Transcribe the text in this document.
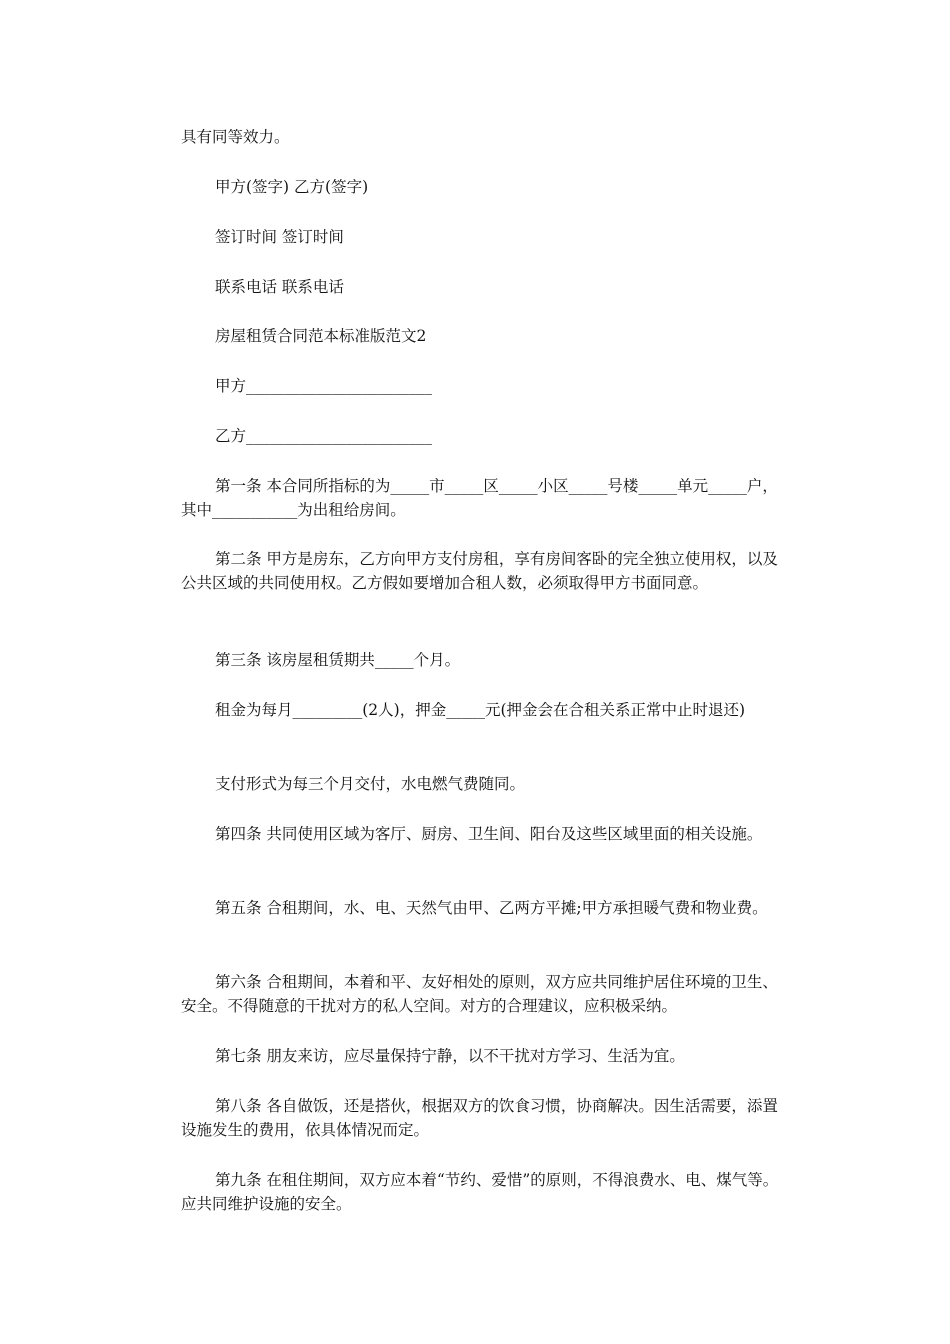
具有同等效力。

甲方(签字) 乙方(签字)

签订时间 签订时间

联系电话 联系电话

房屋租赁合同范本标准版范文2

甲方________________________

乙方________________________

第一条 本合同所指标的为_____市_____区_____小区_____号楼_____单元_____户，其中___________为出租给房间。

第二条 甲方是房东，乙方向甲方支付房租，享有房间客卧的完全独立使用权，以及公共区域的共同使用权。乙方假如要增加合租人数，必须取得甲方书面同意。

第三条 该房屋租赁期共_____个月。

租金为每月_________(2人)，押金_____元(押金会在合租关系正常中止时退还)

支付形式为每三个月交付，水电燃气费随同。

第四条 共同使用区域为客厅、厨房、卫生间、阳台及这些区域里面的相关设施。

第五条 合租期间，水、电、天然气由甲、乙两方平摊;甲方承担暖气费和物业费。

第六条 合租期间，本着和平、友好相处的原则，双方应共同维护居住环境的卫生、安全。不得随意的干扰对方的私人空间。对方的合理建议，应积极采纳。

第七条 朋友来访，应尽量保持宁静，以不干扰对方学习、生活为宜。

第八条 各自做饭，还是搭伙，根据双方的饮食习惯，协商解决。因生活需要，添置设施发生的费用，依具体情况而定。

第九条 在租住期间，双方应本着“节约、爱惜”的原则，不得浪费水、电、煤气等。应共同维护设施的安全。
